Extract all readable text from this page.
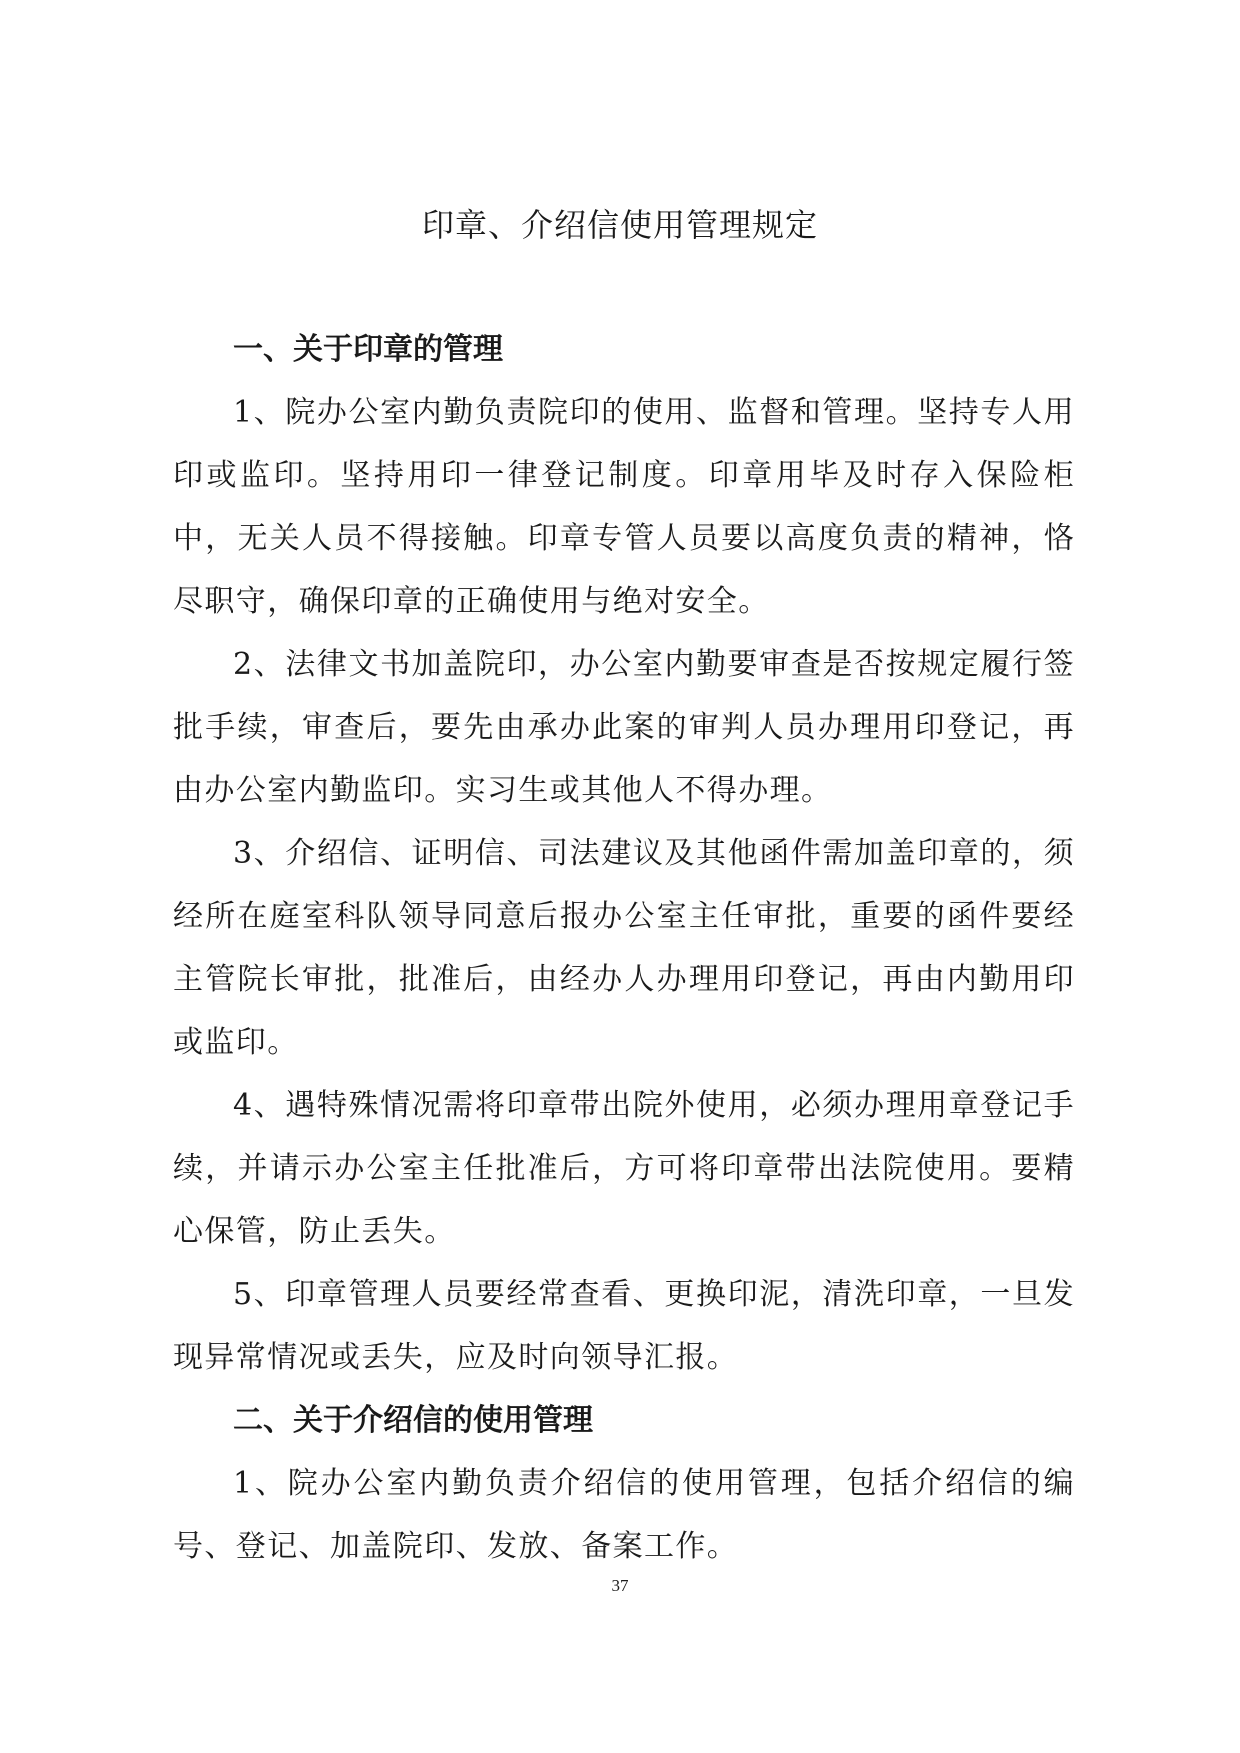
印章、介绍信使用管理规定
一、关于印章的管理

1、院办公室内勤负责院印的使用、监督和管理。坚持专人用印或监印。坚持用印一律登记制度。印章用毕及时存入保险柜中，无关人员不得接触。印章专管人员要以高度负责的精神，恪尽职守，确保印章的正确使用与绝对安全。

2、法律文书加盖院印，办公室内勤要审查是否按规定履行签批手续，审查后，要先由承办此案的审判人员办理用印登记，再由办公室内勤监印。实习生或其他人不得办理。

3、介绍信、证明信、司法建议及其他函件需加盖印章的，须经所在庭室科队领导同意后报办公室主任审批，重要的函件要经主管院长审批，批准后，由经办人办理用印登记，再由内勤用印或监印。

4、遇特殊情况需将印章带出院外使用，必须办理用章登记手续，并请示办公室主任批准后，方可将印章带出法院使用。要精心保管，防止丢失。

5、印章管理人员要经常查看、更换印泥，清洗印章，一旦发现异常情况或丢失，应及时向领导汇报。

二、关于介绍信的使用管理

1、院办公室内勤负责介绍信的使用管理，包括介绍信的编号、登记、加盖院印、发放、备案工作。

37
